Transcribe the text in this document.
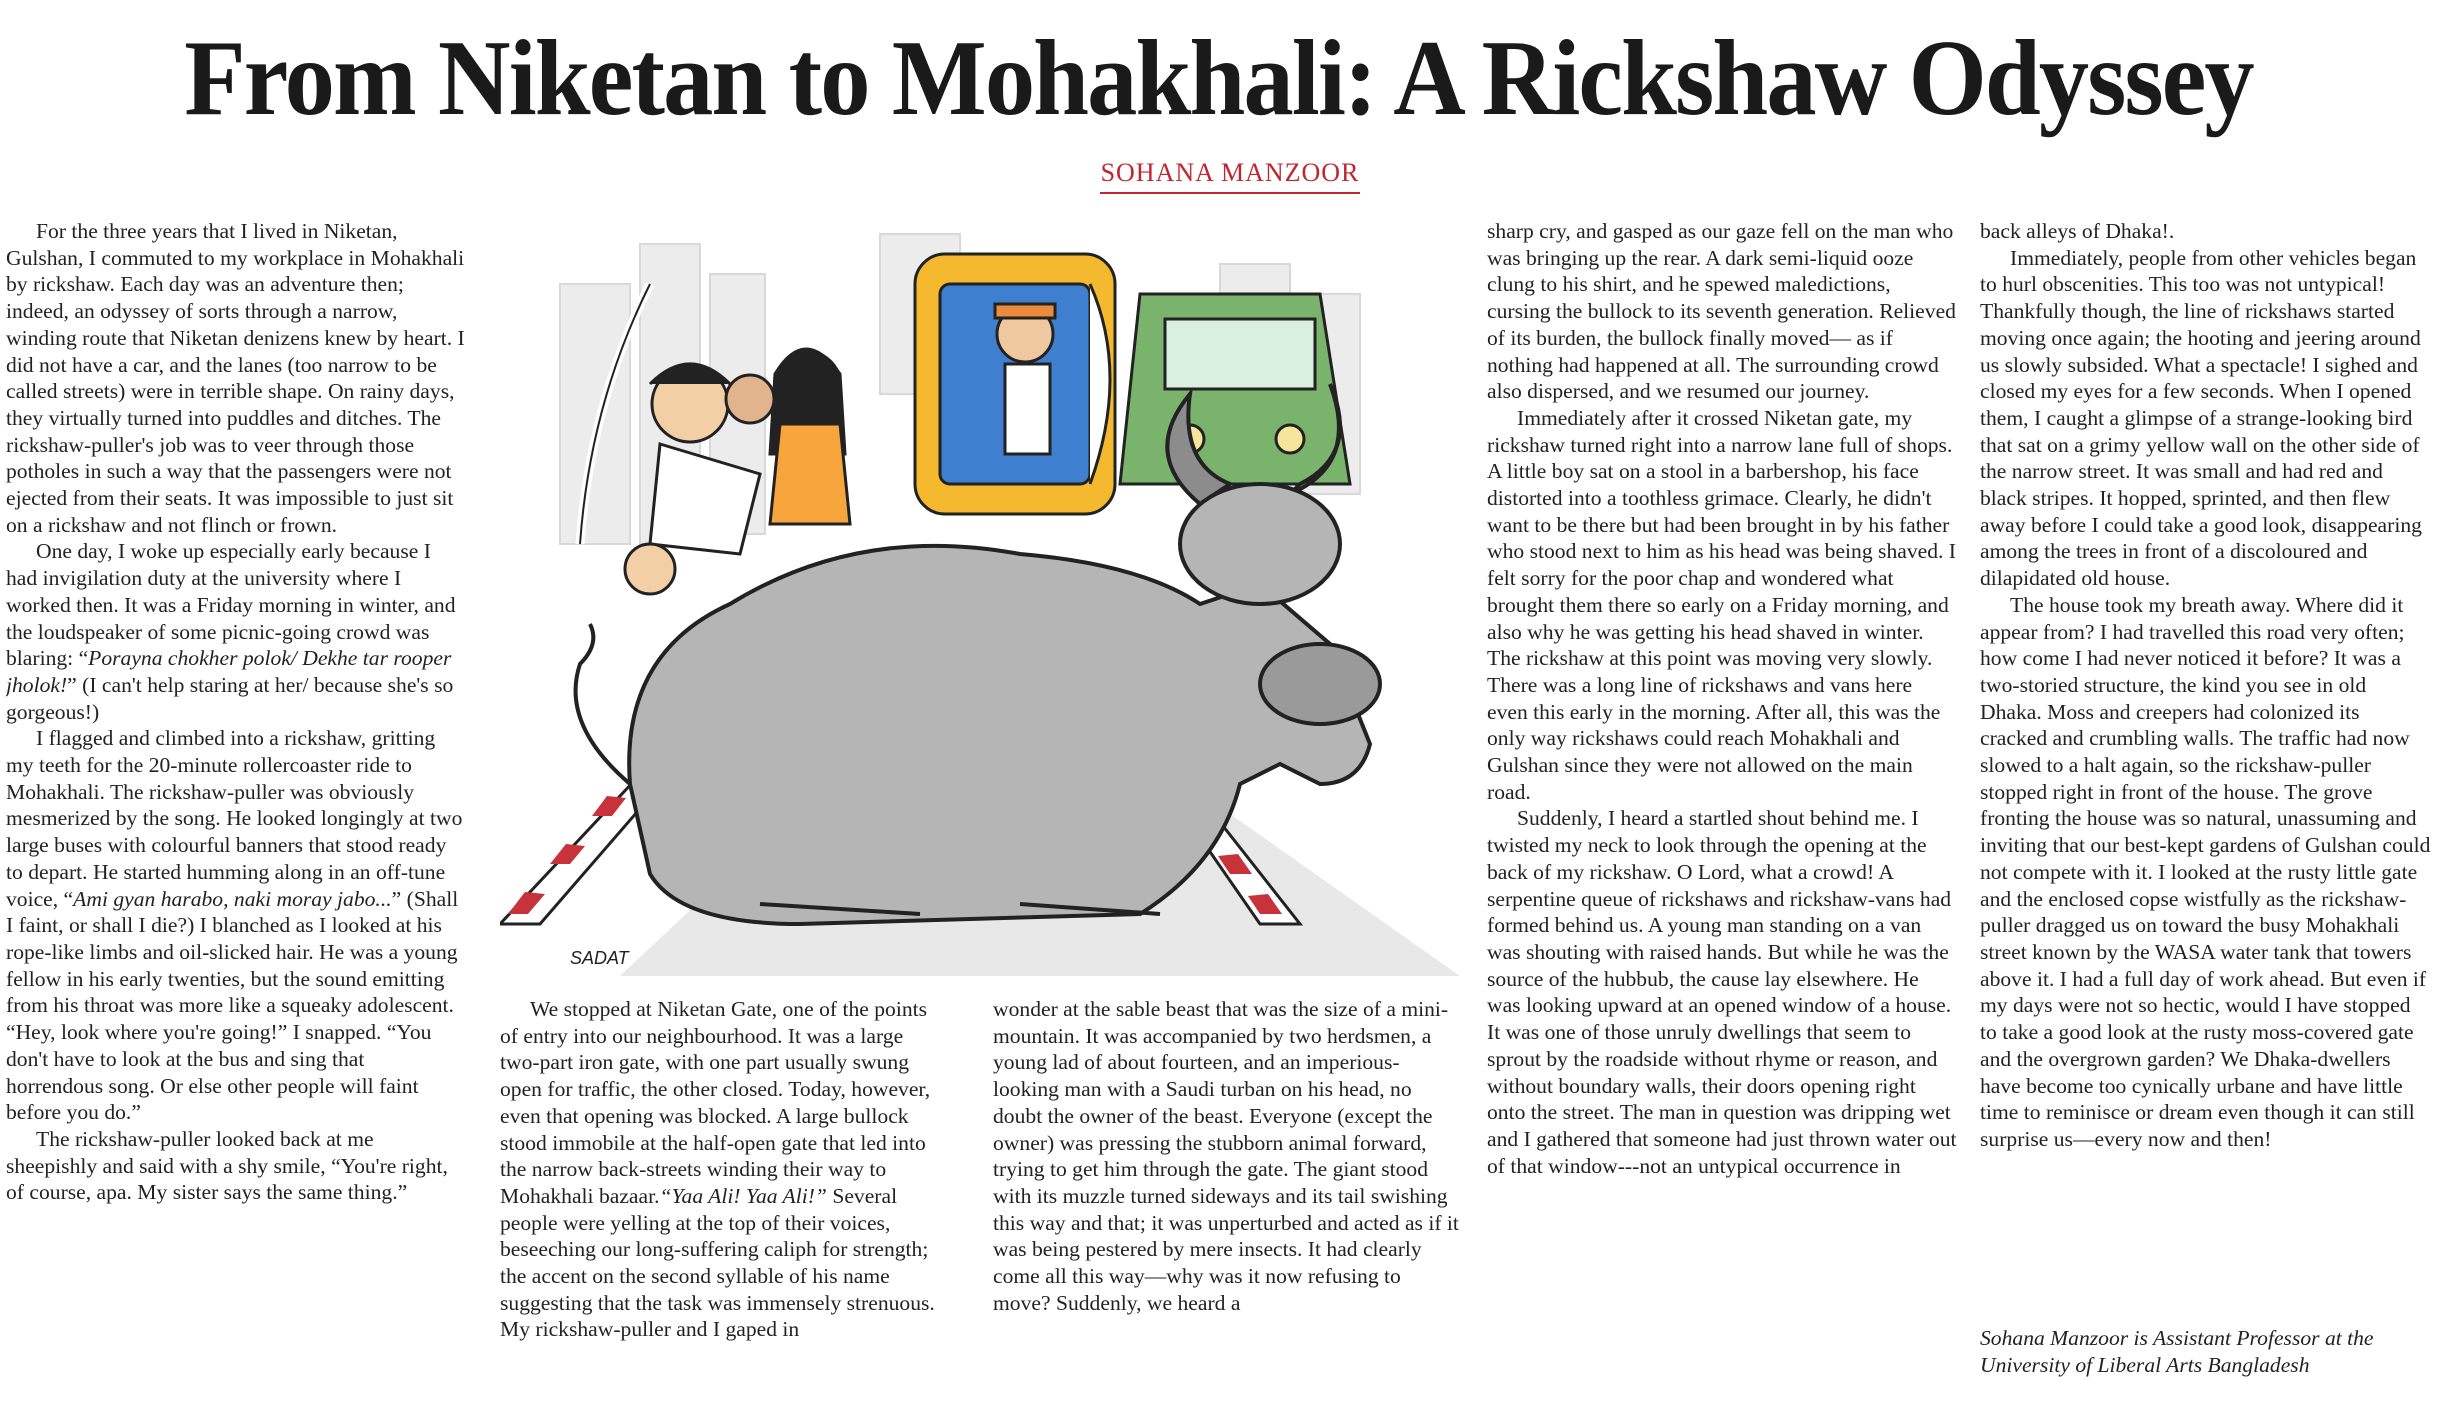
From Niketan to Mohakhali: A Rickshaw Odyssey
SOHANA MANZOOR

For the three years that I lived in Niketan, Gulshan, I commuted to my workplace in Mohakhali by rickshaw. Each day was an adventure then; indeed, an odyssey of sorts through a narrow, winding route that Niketan denizens knew by heart. I did not have a car, and the lanes (too narrow to be called streets) were in terrible shape. On rainy days, they virtually turned into puddles and ditches. The rickshaw-puller's job was to veer through those potholes in such a way that the passengers were not ejected from their seats. It was impossible to just sit on a rickshaw and not flinch or frown.

One day, I woke up especially early because I had invigilation duty at the university where I worked then. It was a Friday morning in winter, and the loudspeaker of some picnic-going crowd was blaring: “Porayna chokher polok/ Dekhe tar rooper jholok!” (I can't help staring at her/ because she's so gorgeous!)

I flagged and climbed into a rickshaw, gritting my teeth for the 20-minute rollercoaster ride to Mohakhali. The rickshaw-puller was obviously mesmerized by the song. He looked longingly at two large buses with colourful banners that stood ready to depart. He started humming along in an off-tune voice, “Ami gyan harabo, naki moray jabo...” (Shall I faint, or shall I die?) I blanched as I looked at his rope-like limbs and oil-slicked hair. He was a young fellow in his early twenties, but the sound emitting from his throat was more like a squeaky adolescent. “Hey, look where you're going!” I snapped. “You don't have to look at the bus and sing that horrendous song. Or else other people will faint before you do.”

The rickshaw-puller looked back at me sheepishly and said with a shy smile, “You're right, of course, apa. My sister says the same thing.”

We stopped at Niketan Gate, one of the points of entry into our neighbourhood. It was a large two-part iron gate, with one part usually swung open for traffic, the other closed. Today, however, even that opening was blocked. A large bullock stood immobile at the half-open gate that led into the narrow back-streets winding their way to Mohakhali bazaar.“Yaa Ali! Yaa Ali!” Several people were yelling at the top of their voices, beseeching our long-suffering caliph for strength; the accent on the second syllable of his name suggesting that the task was immensely strenuous. My rickshaw-puller and I gaped in

wonder at the sable beast that was the size of a mini-mountain. It was accompanied by two herdsmen, a young lad of about fourteen, and an imperious-looking man with a Saudi turban on his head, no doubt the owner of the beast. Everyone (except the owner) was pressing the stubborn animal forward, trying to get him through the gate. The giant stood with its muzzle turned sideways and its tail swishing this way and that; it was unperturbed and acted as if it was being pestered by mere insects. It had clearly come all this way—why was it now refusing to move? Suddenly, we heard a

sharp cry, and gasped as our gaze fell on the man who was bringing up the rear. A dark semi-liquid ooze clung to his shirt, and he spewed maledictions, cursing the bullock to its seventh generation. Relieved of its burden, the bullock finally moved— as if nothing had happened at all. The surrounding crowd also dispersed, and we resumed our journey.

Immediately after it crossed Niketan gate, my rickshaw turned right into a narrow lane full of shops. A little boy sat on a stool in a barbershop, his face distorted into a toothless grimace. Clearly, he didn't want to be there but had been brought in by his father who stood next to him as his head was being shaved. I felt sorry for the poor chap and wondered what brought them there so early on a Friday morning, and also why he was getting his head shaved in winter. The rickshaw at this point was moving very slowly. There was a long line of rickshaws and vans here even this early in the morning. After all, this was the only way rickshaws could reach Mohakhali and Gulshan since they were not allowed on the main road.

Suddenly, I heard a startled shout behind me. I twisted my neck to look through the opening at the back of my rickshaw. O Lord, what a crowd! A serpentine queue of rickshaws and rickshaw-vans had formed behind us. A young man standing on a van was shouting with raised hands. But while he was the source of the hubbub, the cause lay elsewhere. He was looking upward at an opened window of a house. It was one of those unruly dwellings that seem to sprout by the roadside without rhyme or reason, and without boundary walls, their doors opening right onto the street. The man in question was dripping wet and I gathered that someone had just thrown water out of that window---not an untypical occurrence in

back alleys of Dhaka!.

Immediately, people from other vehicles began to hurl obscenities. This too was not untypical! Thankfully though, the line of rickshaws started moving once again; the hooting and jeering around us slowly subsided. What a spectacle! I sighed and closed my eyes for a few seconds. When I opened them, I caught a glimpse of a strange-looking bird that sat on a grimy yellow wall on the other side of the narrow street. It was small and had red and black stripes. It hopped, sprinted, and then flew away before I could take a good look, disappearing among the trees in front of a discoloured and dilapidated old house.

The house took my breath away. Where did it appear from? I had travelled this road very often; how come I had never noticed it before? It was a two-storied structure, the kind you see in old Dhaka. Moss and creepers had colonized its cracked and crumbling walls. The traffic had now slowed to a halt again, so the rickshaw-puller stopped right in front of the house. The grove fronting the house was so natural, unassuming and inviting that our best-kept gardens of Gulshan could not compete with it. I looked at the rusty little gate and the enclosed copse wistfully as the rickshaw-puller dragged us on toward the busy Mohakhali street known by the WASA water tank that towers above it. I had a full day of work ahead. But even if my days were not so hectic, would I have stopped to take a good look at the rusty moss-covered gate and the overgrown garden? We Dhaka-dwellers have become too cynically urbane and have little time to reminisce or dream even though it can still surprise us—every now and then!

Sohana Manzoor is Assistant Professor at the University of Liberal Arts Bangladesh

SADAT
